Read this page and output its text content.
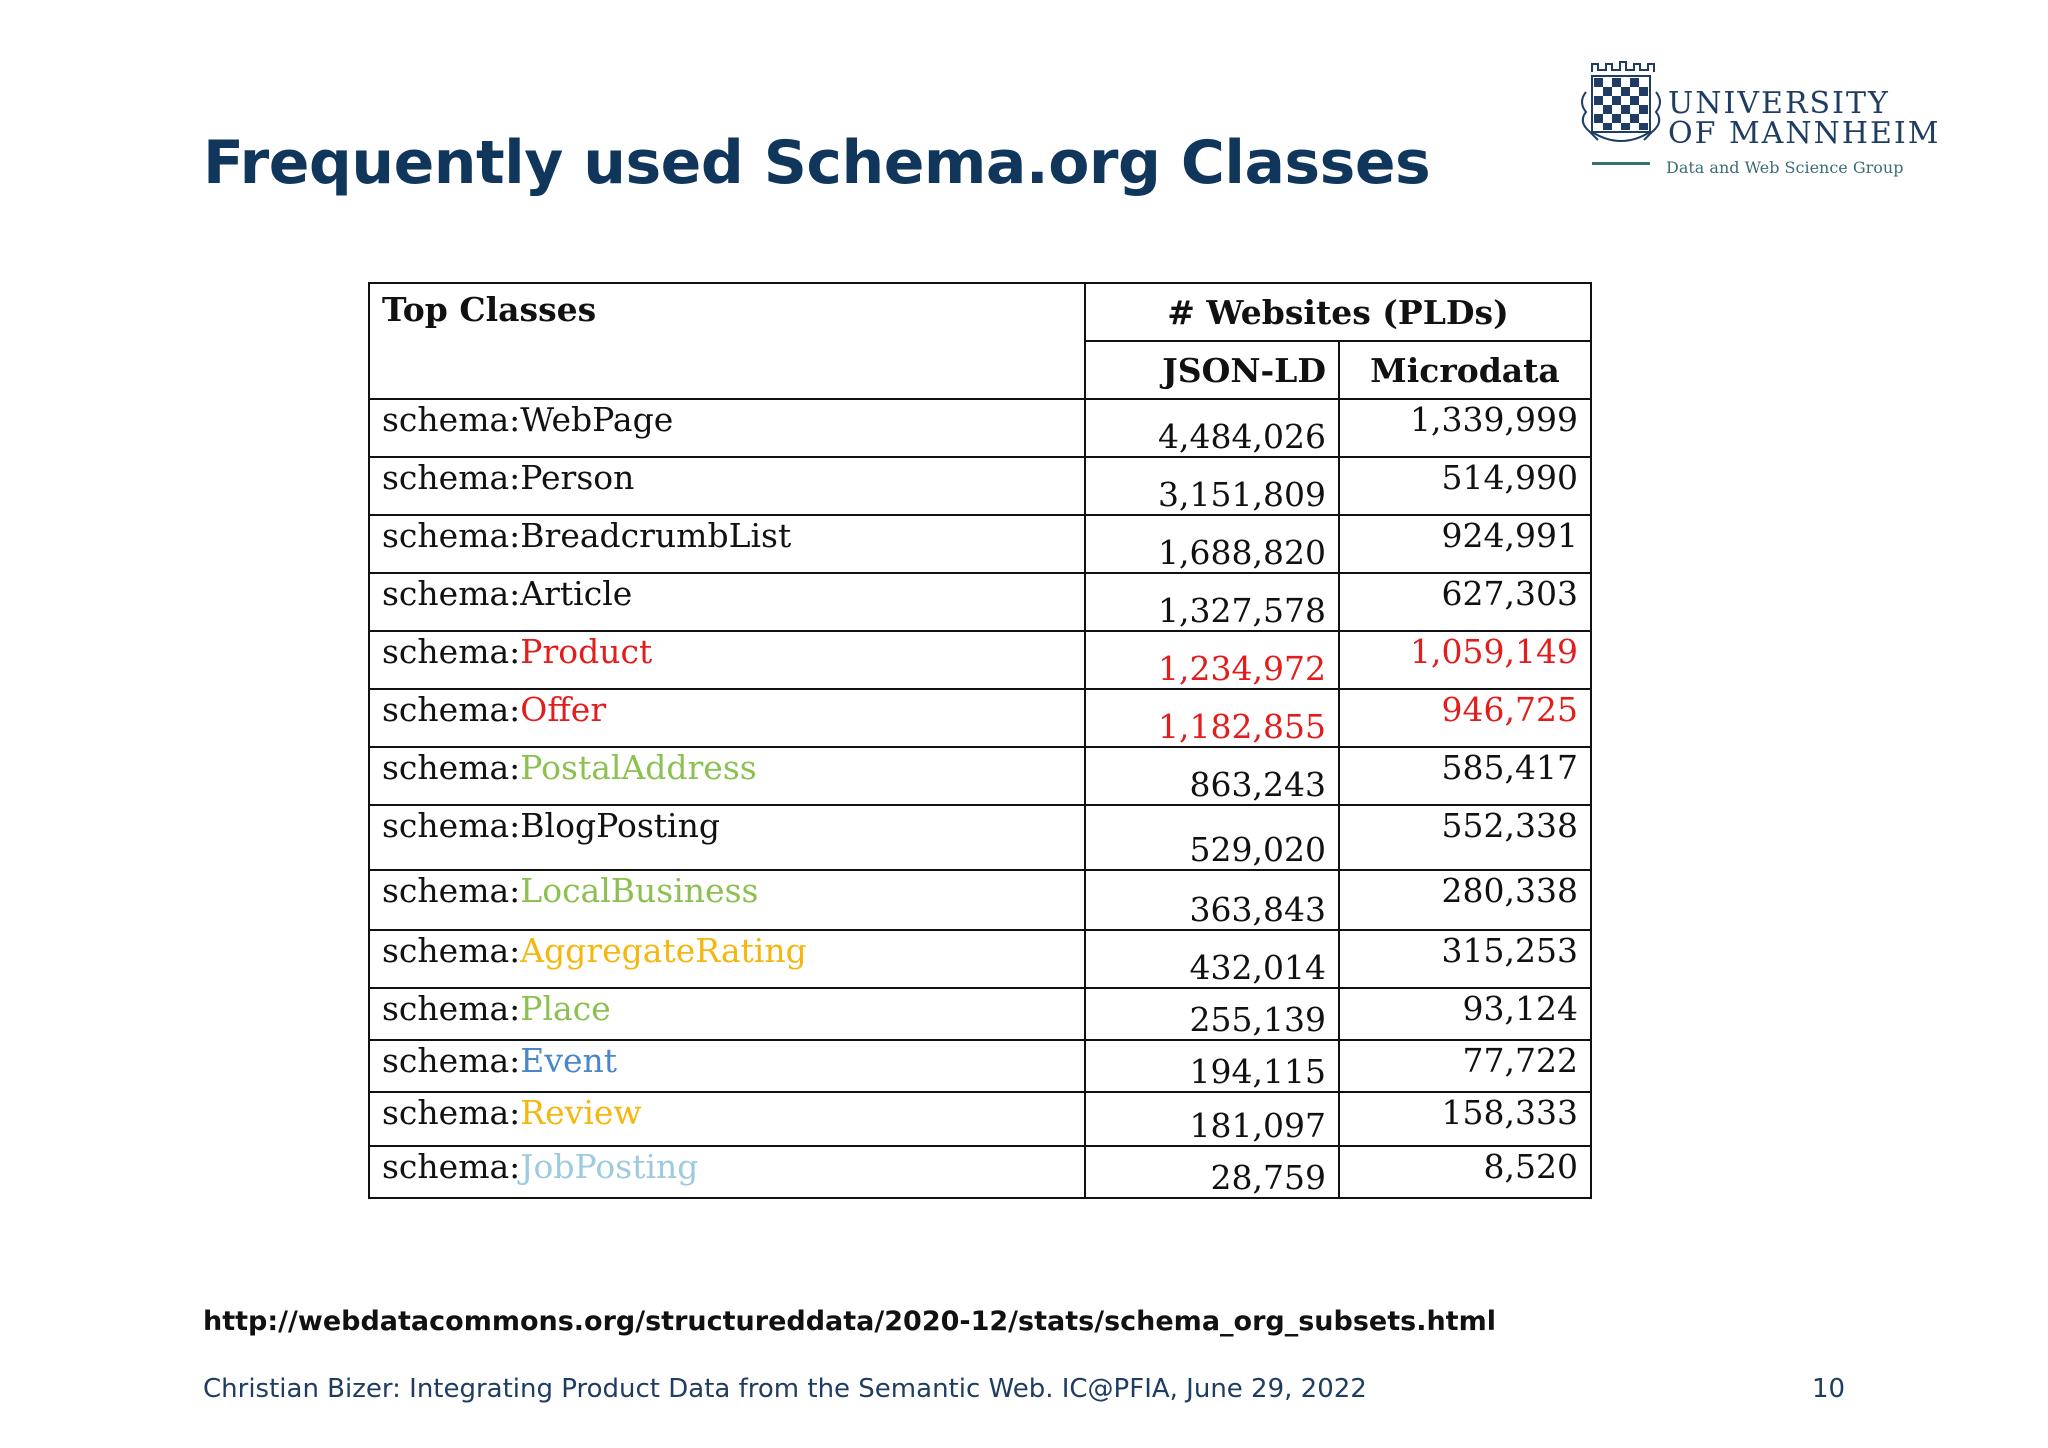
Frequently used Schema.org Classes
UNIVERSITY
OF MANNHEIM
Data and Web Science Group
Top Classes	# Websites (PLDs)	
	JSON-LD	Microdata
schema:WebPage	4,484,026	1,339,999
schema:Person	3,151,809	514,990
schema:BreadcrumbList	1,688,820	924,991
schema:Article	1,327,578	627,303
schema:Product	1,234,972	1,059,149
schema:Offer	1,182,855	946,725
schema:PostalAddress	863,243	585,417
schema:BlogPosting	529,020	552,338
schema:LocalBusiness	363,843	280,338
schema:AggregateRating	432,014	315,253
schema:Place	255,139	93,124
schema:Event	194,115	77,722
schema:Review	181,097	158,333
schema:JobPosting	28,759	8,520
http://webdatacommons.org/structureddata/2020-12/stats/schema_org_subsets.html
Christian Bizer: Integrating Product Data from the Semantic Web. IC@PFIA, June 29, 2022	10
